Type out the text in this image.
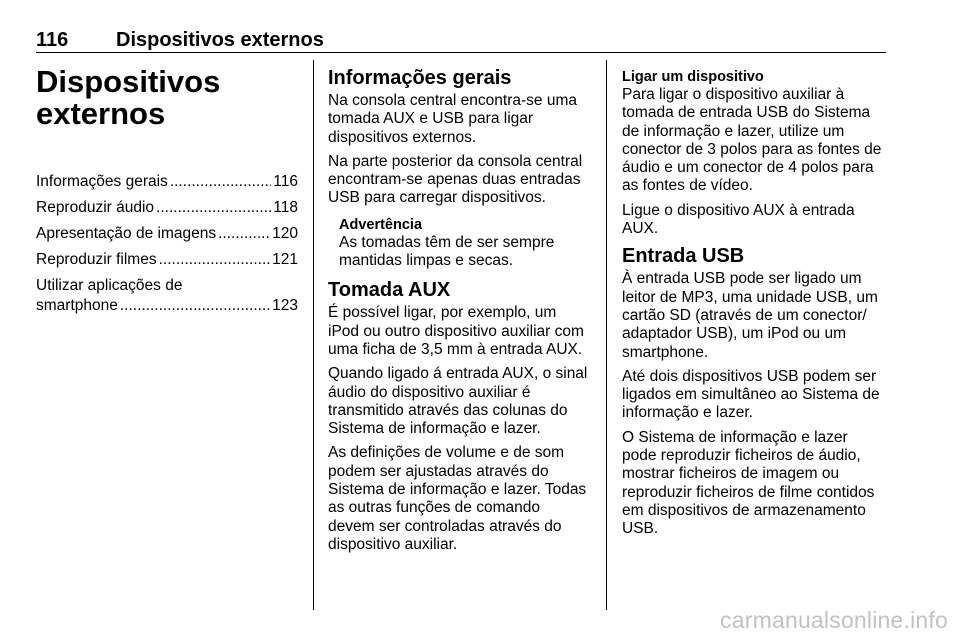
116	Dispositivos externos
Dispositivos
externos
Informações gerais .....	116
Reproduzir áudio .....	118
Apresentação de imagens .....	120
Reproduzir filmes .....	121
Utilizar aplicações de
smartphone .....	123
Informações gerais

Na consola central encontra-se uma tomada AUX e USB para ligar dispositivos externos.

Na parte posterior da consola central encontram-se apenas duas entradas USB para carregar dispositivos.

Advertência

As tomadas têm de ser sempre mantidas limpas e secas.

Tomada AUX

É possível ligar, por exemplo, um iPod ou outro dispositivo auxiliar com uma ficha de 3,5 mm à entrada AUX.

Quando ligado á entrada AUX, o sinal áudio do dispositivo auxiliar é transmitido através das colunas do Sistema de informação e lazer.

As definições de volume e de som podem ser ajustadas através do Sistema de informação e lazer. Todas as outras funções de comando devem ser controladas através do dispositivo auxiliar.

Ligar um dispositivo

Para ligar o dispositivo auxiliar à tomada de entrada USB do Sistema de informação e lazer, utilize um conector de 3 polos para as fontes de áudio e um conector de 4 polos para as fontes de vídeo.

Ligue o dispositivo AUX à entrada AUX.

Entrada USB

À entrada USB pode ser ligado um leitor de MP3, uma unidade USB, um cartão SD (através de um conector/ adaptador USB), um iPod ou um smartphone.

Até dois dispositivos USB podem ser ligados em simultâneo ao Sistema de informação e lazer.

O Sistema de informação e lazer pode reproduzir ficheiros de áudio, mostrar ficheiros de imagem ou reproduzir ficheiros de filme contidos em dispositivos de armazenamento USB.

carmanualsonline.info
